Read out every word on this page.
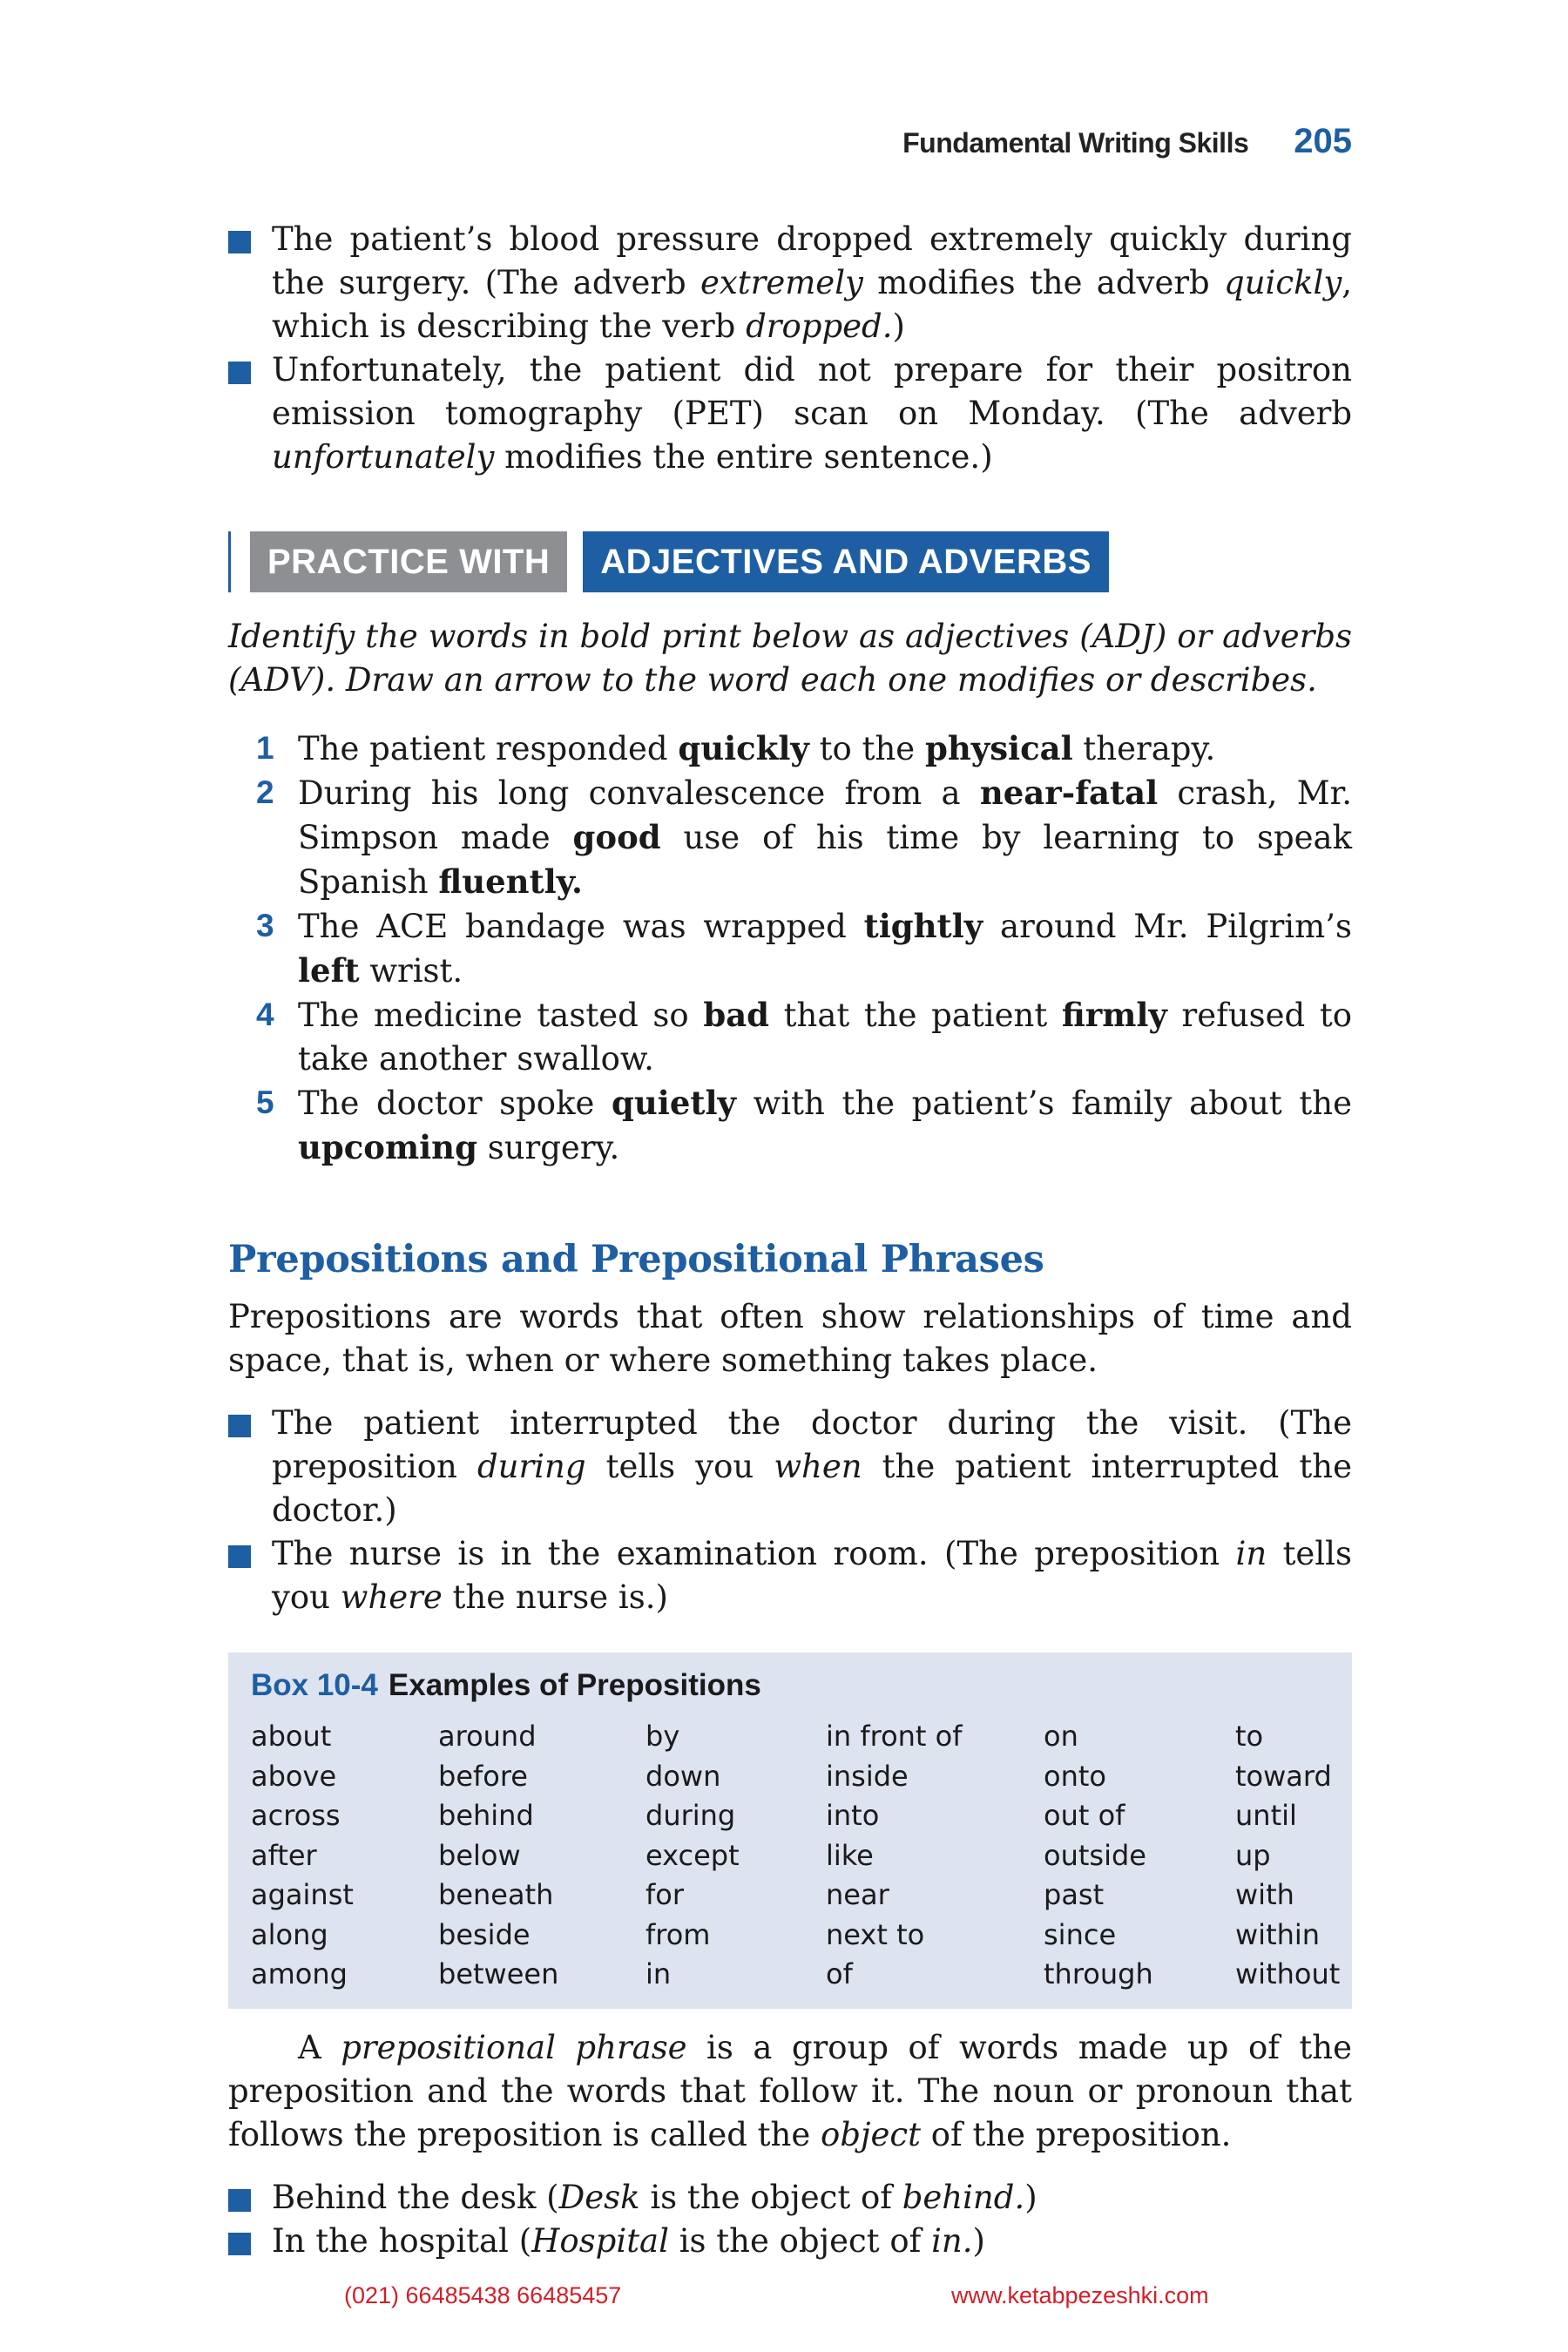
Fundamental Writing Skills 205
The patient’s blood pressure dropped extremely quickly during the surgery. (The adverb extremely modifies the adverb quickly, which is describing the verb dropped.)
Unfortunately, the patient did not prepare for their positron emission tomography (PET) scan on Monday. (The adverb unfortunately modifies the entire sentence.)
PRACTICE WITH	ADJECTIVES AND ADVERBS

Identify the words in bold print below as adjectives (ADJ) or adverbs (ADV). Draw an arrow to the word each one modifies or describes.

1 The patient responded quickly to the physical therapy.
2 During his long convalescence from a near-fatal crash, Mr. Simpson made good use of his time by learning to speak Spanish fluently.
3 The ACE bandage was wrapped tightly around Mr. Pilgrim’s left wrist.
4 The medicine tasted so bad that the patient firmly refused to take another swallow.
5 The doctor spoke quietly with the patient’s family about the upcoming surgery.
Prepositions and Prepositional Phrases

Prepositions are words that often show relationships of time and space, that is, when or where something takes place.

The patient interrupted the doctor during the visit. (The preposition during tells you when the patient interrupted the doctor.)
The nurse is in the examination room. (The preposition in tells you where the nurse is.)
Box 10-4 Examples of Prepositions
about
above
across
after
against
along
among
around
before
behind
below
beneath
beside
between
by
down
during
except
for
from
in
in front of
inside
into
like
near
next to
of
on
onto
out of
outside
past
since
through
to
toward
until
up
with
within
without

A prepositional phrase is a group of words made up of the preposition and the words that follow it. The noun or pronoun that follows the preposition is called the object of the preposition.

Behind the desk (Desk is the object of behind.)
In the hospital (Hospital is the object of in.)
(021) 66485438 66485457	www.ketabpezeshki.com
